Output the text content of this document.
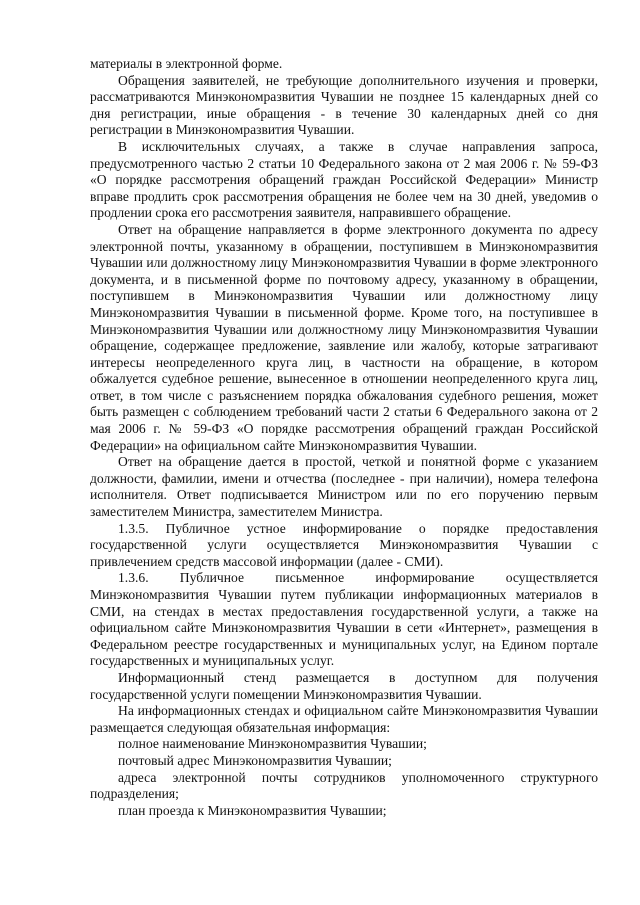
материалы в электронной форме.

Обращения заявителей, не требующие дополнительного изучения и проверки, рассматриваются Минэкономразвития Чувашии не позднее 15 календарных дней со дня регистрации, иные обращения - в течение 30 календарных дней со дня регистрации в Минэкономразвития Чувашии.

В исключительных случаях, а также в случае направления запроса, предусмотренного частью 2 статьи 10 Федерального закона от 2 мая 2006 г. № 59-ФЗ «О порядке рассмотрения обращений граждан Российской Федерации» Министр вправе продлить срок рассмотрения обращения не более чем на 30 дней, уведомив о продлении срока его рассмотрения заявителя, направившего обращение.

Ответ на обращение направляется в форме электронного документа по адресу электронной почты, указанному в обращении, поступившем в Минэкономразвития Чувашии или должностному лицу Минэкономразвития Чувашии в форме электронного документа, и в письменной форме по почтовому адресу, указанному в обращении, поступившем в Минэкономразвития Чувашии или должностному лицу Минэкономразвития Чувашии в письменной форме. Кроме того, на поступившее в Минэкономразвития Чувашии или должностному лицу Минэкономразвития Чувашии обращение, содержащее предложение, заявление или жалобу, которые затрагивают интересы неопределенного круга лиц, в частности на обращение, в котором обжалуется судебное решение, вынесенное в отношении неопределенного круга лиц, ответ, в том числе с разъяснением порядка обжалования судебного решения, может быть размещен с соблюдением требований части 2 статьи 6 Федерального закона от 2 мая 2006 г. № 59-ФЗ «О порядке рассмотрения обращений граждан Российской Федерации» на официальном сайте Минэкономразвития Чувашии.

Ответ на обращение дается в простой, четкой и понятной форме с указанием должности, фамилии, имени и отчества (последнее - при наличии), номера телефона исполнителя. Ответ подписывается Министром или по его поручению первым заместителем Министра, заместителем Министра.

1.3.5. Публичное устное информирование о порядке предоставления государственной услуги осуществляется Минэкономразвития Чувашии с привлечением средств массовой информации (далее - СМИ).

1.3.6. Публичное письменное информирование осуществляется Минэкономразвития Чувашии путем публикации информационных материалов в СМИ, на стендах в местах предоставления государственной услуги, а также на официальном сайте Минэкономразвития Чувашии в сети «Интернет», размещения в Федеральном реестре государственных и муниципальных услуг, на Едином портале государственных и муниципальных услуг.

Информационный стенд размещается в доступном для получения государственной услуги помещении Минэкономразвития Чувашии.

На информационных стендах и официальном сайте Минэкономразвития Чувашии размещается следующая обязательная информация:

полное наименование Минэкономразвития Чувашии;

почтовый адрес Минэкономразвития Чувашии;

адреса электронной почты сотрудников уполномоченного структурного подразделения;

план проезда к Минэкономразвития Чувашии;
